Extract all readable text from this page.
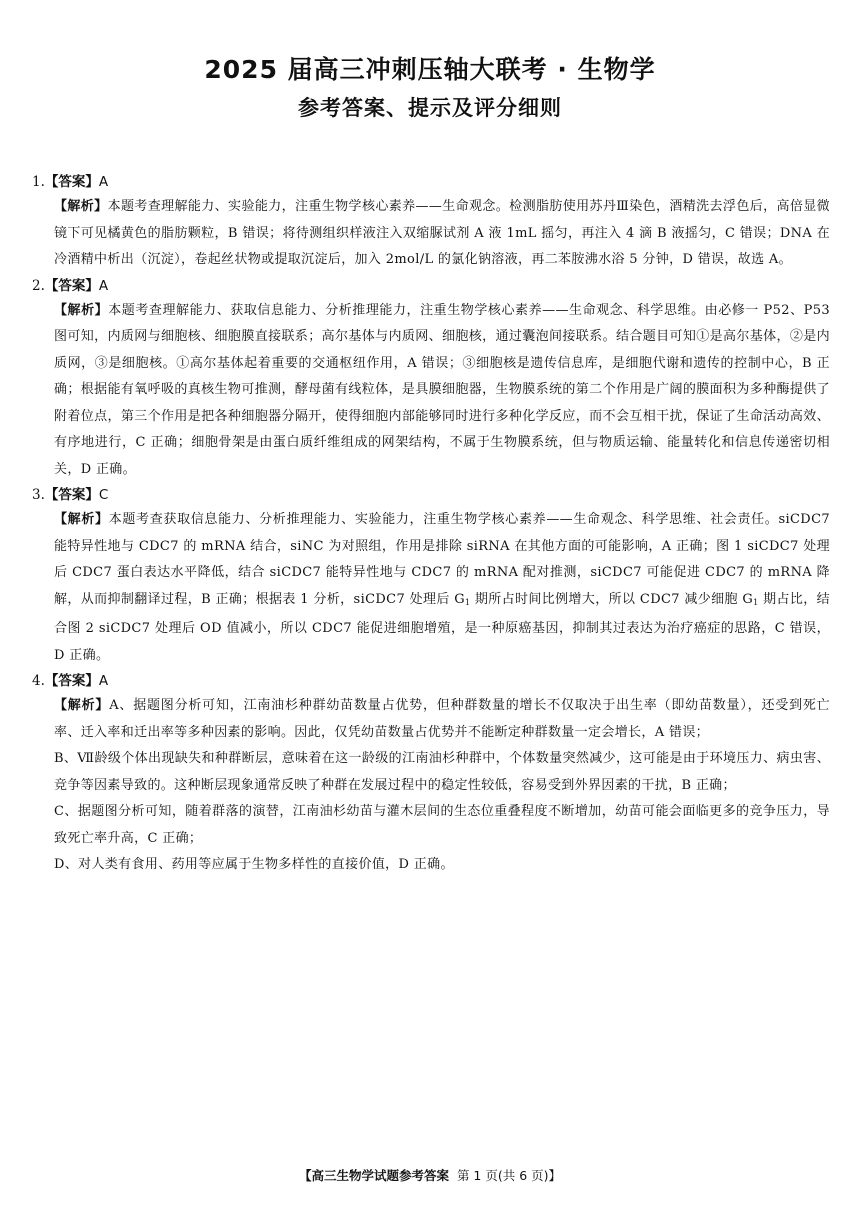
2025 届高三冲刺压轴大联考 · 生物学
参考答案、提示及评分细则

1.【答案】A

【解析】本题考查理解能力、实验能力，注重生物学核心素养——生命观念。检测脂肪使用苏丹Ⅲ染色，酒精洗去浮色后，高倍显微镜下可见橘黄色的脂肪颗粒，B 错误；将待测组织样液注入双缩脲试剂 A 液 1mL 摇匀，再注入 4 滴 B 液摇匀，C 错误；DNA 在冷酒精中析出（沉淀），卷起丝状物或提取沉淀后，加入 2mol/L 的氯化钠溶液，再二苯胺沸水浴 5 分钟，D 错误，故选 A。

2.【答案】A

【解析】本题考查理解能力、获取信息能力、分析推理能力，注重生物学核心素养——生命观念、科学思维。由必修一 P52、P53 图可知，内质网与细胞核、细胞膜直接联系；高尔基体与内质网、细胞核，通过囊泡间接联系。结合题目可知①是高尔基体，②是内质网，③是细胞核。①高尔基体起着重要的交通枢纽作用，A 错误；③细胞核是遗传信息库，是细胞代谢和遗传的控制中心，B 正确；根据能有氧呼吸的真核生物可推测，酵母菌有线粒体，是具膜细胞器，生物膜系统的第二个作用是广阔的膜面积为多种酶提供了附着位点，第三个作用是把各种细胞器分隔开，使得细胞内部能够同时进行多种化学反应，而不会互相干扰，保证了生命活动高效、有序地进行，C 正确；细胞骨架是由蛋白质纤维组成的网架结构，不属于生物膜系统，但与物质运输、能量转化和信息传递密切相关，D 正确。

3.【答案】C

【解析】本题考查获取信息能力、分析推理能力、实验能力，注重生物学核心素养——生命观念、科学思维、社会责任。siCDC7 能特异性地与 CDC7 的 mRNA 结合，siNC 为对照组，作用是排除 siRNA 在其他方面的可能影响，A 正确；图 1 siCDC7 处理后 CDC7 蛋白表达水平降低，结合 siCDC7 能特异性地与 CDC7 的 mRNA 配对推测，siCDC7 可能促进 CDC7 的 mRNA 降解，从而抑制翻译过程，B 正确；根据表 1 分析，siCDC7 处理后 $G_1$ 期所占时间比例增大，所以 CDC7 减少细胞 $G_1$ 期占比，结合图 2 siCDC7 处理后 OD 值减小，所以 CDC7 能促进细胞增殖，是一种原癌基因，抑制其过表达为治疗癌症的思路，C 错误，D 正确。

4.【答案】A

【解析】A、据题图分析可知，江南油杉种群幼苗数量占优势，但种群数量的增长不仅取决于出生率（即幼苗数量），还受到死亡率、迁入率和迁出率等多种因素的影响。因此，仅凭幼苗数量占优势并不能断定种群数量一定会增长，A 错误；

B、Ⅶ龄级个体出现缺失和种群断层，意味着在这一龄级的江南油杉种群中，个体数量突然减少，这可能是由于环境压力、病虫害、竞争等因素导致的。这种断层现象通常反映了种群在发展过程中的稳定性较低，容易受到外界因素的干扰，B 正确；

C、据题图分析可知，随着群落的演替，江南油杉幼苗与灌木层间的生态位重叠程度不断增加，幼苗可能会面临更多的竞争压力，导致死亡率升高，C 正确；

D、对人类有食用、药用等应属于生物多样性的直接价值，D 正确。

【高三生物学试题参考答案 第 1 页(共 6 页)】
